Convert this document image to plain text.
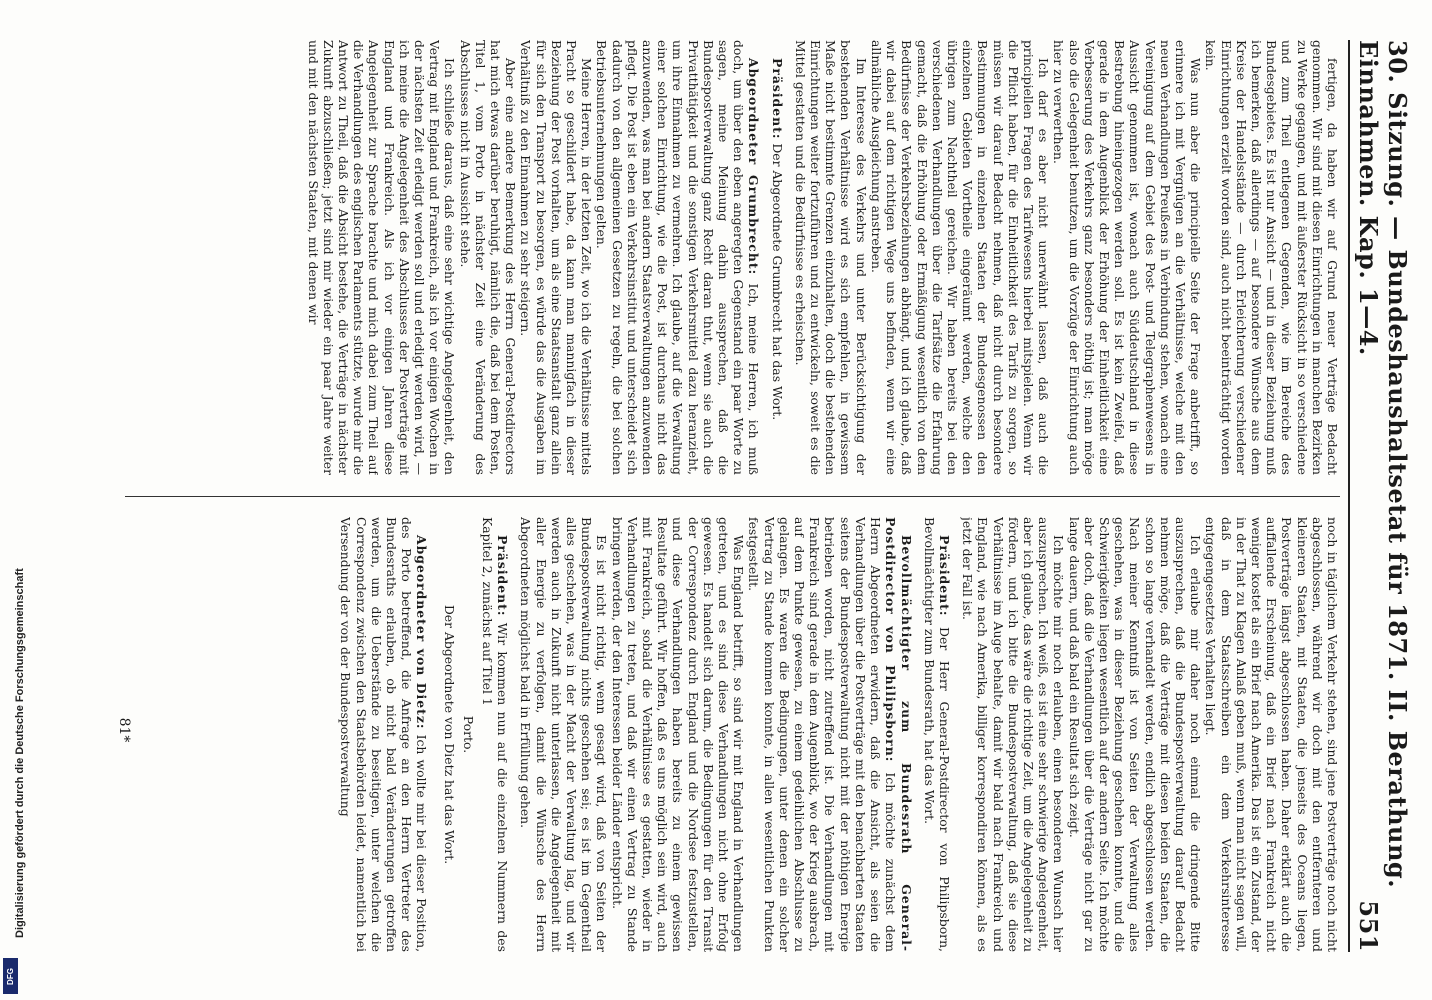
30. Sitzung. — Bundeshaushaltsetat für 1871. II. Berathung. Einnahmen. Kap. 1—4.
551

fertigen, da haben wir auf Grund neuer Verträge Bedacht genommen. Wir sind mit diesen Einrichtungen in manchen Bezirken zu Werke gegangen, und mit äußerster Rücksicht in so verschiedene und zum Theil entlegenen Gegenden, wie im Bereiche des Bundesgebietes. Es ist nur Ansicht — und in dieser Beziehung muß ich bemerken, daß allerdings — auf besondere Wünsche aus dem Kreise der Handelsstände — durch Erleichterung verschiedener Einrichtungen erzielt worden sind, auch nicht beeinträchtigt worden kein.

Was nun aber die principielle Seite der Frage anbetrifft, so erinnere ich mit Vergnügen an die Verhältnisse, welche mit den neuen Verhandlungen Preußens in Verbindung stehen, wonach eine Vereinigung auf dem Gebiet des Post- und Telegraphenwesens in Aussicht genommen ist, wonach auch Süddeutschland in diese Bestrebung hineingezogen werden soll. Es ist kein Zweifel, daß gerade in dem Augenblick der Erhöhung der Einheitlichkeit eine Verbesserung des Verkehrs ganz besonders nöthig ist; man möge also die Gelegenheit benutzen, um die Vorzüge der Einrichtung auch hier zu verwerthen.

Ich darf es aber nicht unerwähnt lassen, daß auch die principiellen Fragen des Tarifwesens hierbei mitspielen. Wenn wir die Pflicht haben, für die Einheitlichkeit des Tarifs zu sorgen, so müssen wir darauf Bedacht nehmen, daß nicht durch besondere Bestimmungen in einzelnen Staaten der Bundesgenossen den einzelnen Gebieten Vortheile eingeräumt werden, welche den übrigen zum Nachtheil gereichen. Wir haben bereits bei den verschiedenen Verhandlungen über die Tarifsätze die Erfahrung gemacht, daß die Erhöhung oder Ermäßigung wesentlich von dem Bedürfnisse der Verkehrsbeziehungen abhängt, und ich glaube, daß wir dabei auf dem richtigen Wege uns befinden, wenn wir eine allmähliche Ausgleichung anstreben.

Im Interesse des Verkehrs und unter Berücksichtigung der bestehenden Verhältnisse wird es sich empfehlen, in gewissem Maße nicht bestimmte Grenzen einzuhalten, doch die bestehenden Einrichtungen weiter fortzuführen und zu entwickeln, soweit es die Mittel gestatten und die Bedürfnisse es erheischen.

Präsident: Der Abgeordnete Grumbrecht hat das Wort.

Abgeordneter Grumbrecht: Ich, meine Herren, ich muß doch, um über den eben angeregten Gegenstand ein paar Worte zu sagen, meine Meinung dahin aussprechen, daß die Bundespostverwaltung ganz Recht daran thut, wenn sie auch die Privatthätigkeit und die sonstigen Verkehrsmittel dazu heranzieht, um ihre Einnahmen zu vermehren. Ich glaube, auf die Verwaltung einer solchen Einrichtung, wie die Post, ist durchaus nicht das anzuwenden, was man bei andern Staatsverwaltungen anzuwenden pflegt. Die Post ist eben ein Verkehrsinstitut und unterscheidet sich dadurch von den allgemeinen Gesetzen zu regeln, die bei solchen Betriebsunternehmungen gelten.

Meine Herren, in der letzten Zeit, wo ich die Verhältnisse mittels Pracht so geschildert habe, da kann man mannigfach in dieser Beziehung der Post vorhalten, um als eine Staatsanstalt ganz allein für sich den Transport zu besorgen, es würde das die Ausgaben im Verhältniß zu den Einnahmen zu sehr steigern.

Aber eine andere Bemerkung des Herrn General-Postdirectors hat mich etwas darüber beruhigt, nämlich die, daß bei dem Posten, Titel 1, vom Porto in nächster Zeit eine Veränderung des Abschlusses nicht in Aussicht stehe.

Ich schließe daraus, daß eine sehr wichtige Angelegenheit, den Vertrag mit England und Frankreich, als ich vor einigen Wochen in der nächsten Zeit erledigt werden soll und erledigt werden wird, — ich meine die Angelegenheit des Abschlusses der Postverträge mit England und Frankreich. Als ich vor einigen Jahren diese Angelegenheit zur Sprache brachte und mich dabei zum Theil auf die Verhandlungen des englischen Parlaments stützte, wurde mir die Antwort zu Theil, daß die Absicht bestehe, die Verträge in nächster Zukunft abzuschließen; jetzt sind mir wieder ein paar Jahre weiter und mit den nächsten Staaten, mit denen wir

noch in täglichem Verkehr stehen, sind jene Postverträge noch nicht abgeschlossen, während wir doch mit den entfernteren und kleineren Staaten, mit Staaten, die jenseits des Oceans liegen, Postverträge längst abgeschlossen haben. Daher erklärt auch die auffallende Erscheinung, daß ein Brief nach Frankreich nicht weniger kostet als ein Brief nach Amerika. Das ist ein Zustand, der in der That zu Klagen Anlaß geben muß, wenn man nicht sagen will, daß in dem Staatsschreiben ein dem Verkehrsinteresse entgegengesetztes Verhalten liegt.

Ich erlaube mir daher noch einmal die dringende Bitte auszusprechen, daß die Bundespostverwaltung darauf Bedacht nehmen möge, daß die Verträge mit diesen beiden Staaten, die schon so lange verhandelt werden, endlich abgeschlossen werden. Nach meiner Kenntniß ist von Seiten der Verwaltung alles geschehen, was in dieser Beziehung geschehen konnte, und die Schwierigkeiten liegen wesentlich auf der andern Seite. Ich möchte aber doch, daß die Verhandlungen über die Verträge nicht gar zu lange dauern, und daß bald ein Resultat sich zeigt.

Ich möchte mir noch erlauben, einen besonderen Wunsch hier auszusprechen. Ich weiß, es ist eine sehr schwierige Angelegenheit, aber ich glaube, das wäre die richtige Zeit, um die Angelegenheit zu fördern, und ich bitte die Bundespostverwaltung, daß sie diese Verhältnisse im Auge behalte, damit wir bald nach Frankreich und England, wie nach Amerika, billiger korrespondiren können, als es jetzt der Fall ist.

Präsident: Der Herr General-Postdirector von Philipsborn, Bevollmächtigter zum Bundesrath, hat das Wort.

Bevollmächtigter zum Bundesrath General-Postdirector von Philipsborn: Ich möchte zunächst dem Herrn Abgeordneten erwidern, daß die Ansicht, als seien die Verhandlungen über die Postverträge mit den benachbarten Staaten seitens der Bundespostverwaltung nicht mit der nöthigen Energie betrieben worden, nicht zutreffend ist. Die Verhandlungen mit Frankreich sind gerade in dem Augenblick, wo der Krieg ausbrach, auf dem Punkte gewesen, zu einem gedeihlichen Abschlusse zu gelangen. Es waren die Bedingungen, unter denen ein solcher Vertrag zu Stande kommen konnte, in allen wesentlichen Punkten festgestellt.

Was England betrifft, so sind wir mit England in Verhandlungen getreten, und es sind diese Verhandlungen nicht ohne Erfolg gewesen. Es handelt sich darum, die Bedingungen für den Transit der Correspondenz durch England und die Nordsee festzustellen, und diese Verhandlungen haben bereits zu einem gewissen Resultate geführt. Wir hoffen, daß es uns möglich sein wird, auch mit Frankreich, sobald die Verhältnisse es gestatten, wieder in Verhandlungen zu treten, und daß wir einen Vertrag zu Stande bringen werden, der den Interessen beider Länder entspricht.

Es ist nicht richtig, wenn gesagt wird, daß von Seiten der Bundespostverwaltung nichts geschehen sei; es ist im Gegentheil alles geschehen, was in der Macht der Verwaltung lag, und wir werden auch in Zukunft nicht unterlassen, die Angelegenheit mit aller Energie zu verfolgen, damit die Wünsche des Herrn Abgeordneten möglichst bald in Erfüllung gehen.

Präsident: Wir kommen nun auf die einzelnen Nummern des Kapitel 2, zunächst auf Titel 1

Porto.

Der Abgeordnete von Dietz hat das Wort.

Abgeordneter von Dietz: Ich wollte mir bei dieser Position, des Porto betreffend, die Anfrage an den Herrn Vertreter des Bundesraths erlauben, ob nicht bald Veränderungen getroffen werden, um die Ueberstände zu beseitigen, unter welchen die Correspondenz zwischen den Staatsbehörden leidet, namentlich bei Versendung der von der Bundespostverwaltung

81*
Digitalisierung gefördert durch die Deutsche Forschungsgemeinschaft
DFG
